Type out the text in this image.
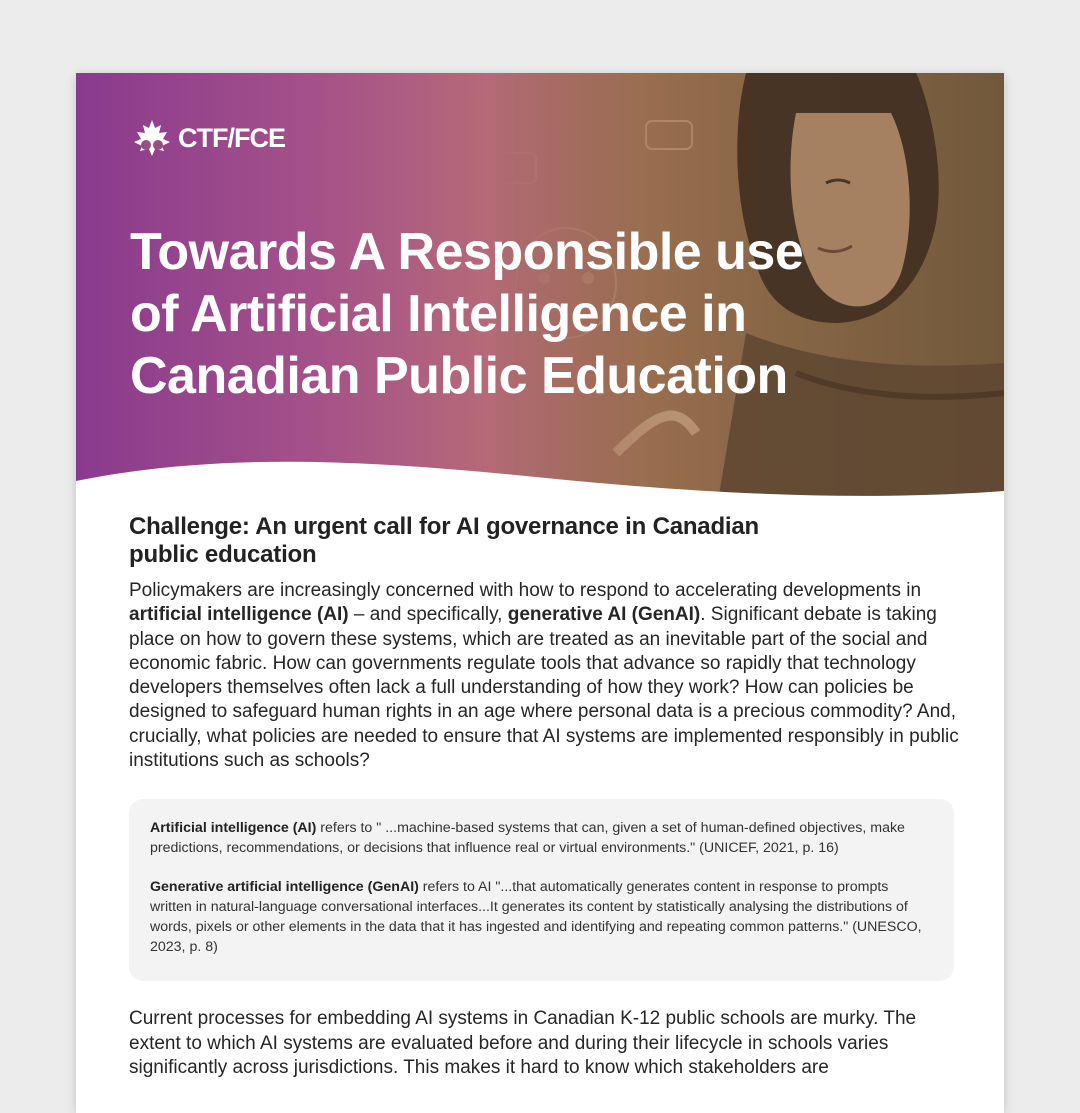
CTF/FCE
Towards A Responsible use
of Artificial Intelligence in
Canadian Public Education
Challenge: An urgent call for AI governance in Canadian
public education

Policymakers are increasingly concerned with how to respond to accelerating developments in artificial intelligence (AI) – and specifically, generative AI (GenAI). Significant debate is taking place on how to govern these systems, which are treated as an inevitable part of the social and economic fabric. How can governments regulate tools that advance so rapidly that technology developers themselves often lack a full understanding of how they work? How can policies be designed to safeguard human rights in an age where personal data is a precious commodity? And, crucially, what policies are needed to ensure that AI systems are implemented responsibly in public institutions such as schools?

Artificial intelligence (AI) refers to " ...machine-based systems that can, given a set of human-defined objectives, make predictions, recommendations, or decisions that influence real or virtual environments." (UNICEF, 2021, p. 16)

Generative artificial intelligence (GenAI) refers to AI "...that automatically generates content in response to prompts written in natural-language conversational interfaces...It generates its content by statistically analysing the distributions of words, pixels or other elements in the data that it has ingested and identifying and repeating common patterns." (UNESCO, 2023, p. 8)

Current processes for embedding AI systems in Canadian K-12 public schools are murky. The extent to which AI systems are evaluated before and during their lifecycle in schools varies significantly across jurisdictions. This makes it hard to know which stakeholders are
